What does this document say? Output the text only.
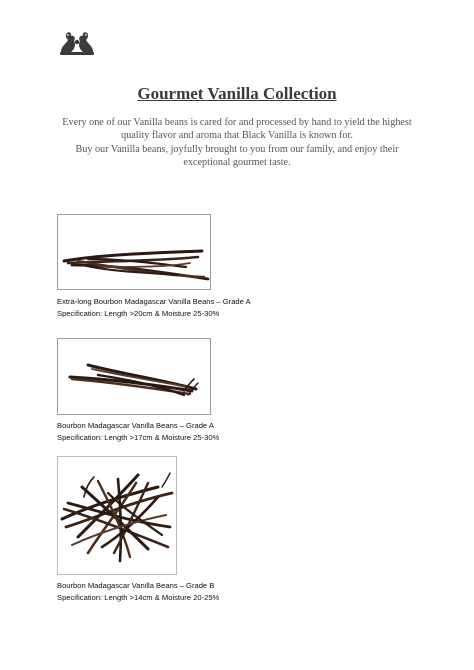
Gourmet Vanilla Collection

Every one of our Vanilla beans is cared for and processed by hand to yield the highest quality flavor and aroma that Black Vanilla is known for.

Buy our Vanilla beans, joyfully brought to you from our family, and enjoy their exceptional gourmet taste.

Extra-long Bourbon Madagascar Vanilla Beans – Grade A
Specification: Length >20cm & Moisture 25-30%
Bourbon Madagascar Vanilla Beans – Grade A
Specification: Length >17cm & Moisture 25-30%
Bourbon Madagascar Vanilla Beans – Grade B
Specification: Length >14cm & Moisture 20-25%
